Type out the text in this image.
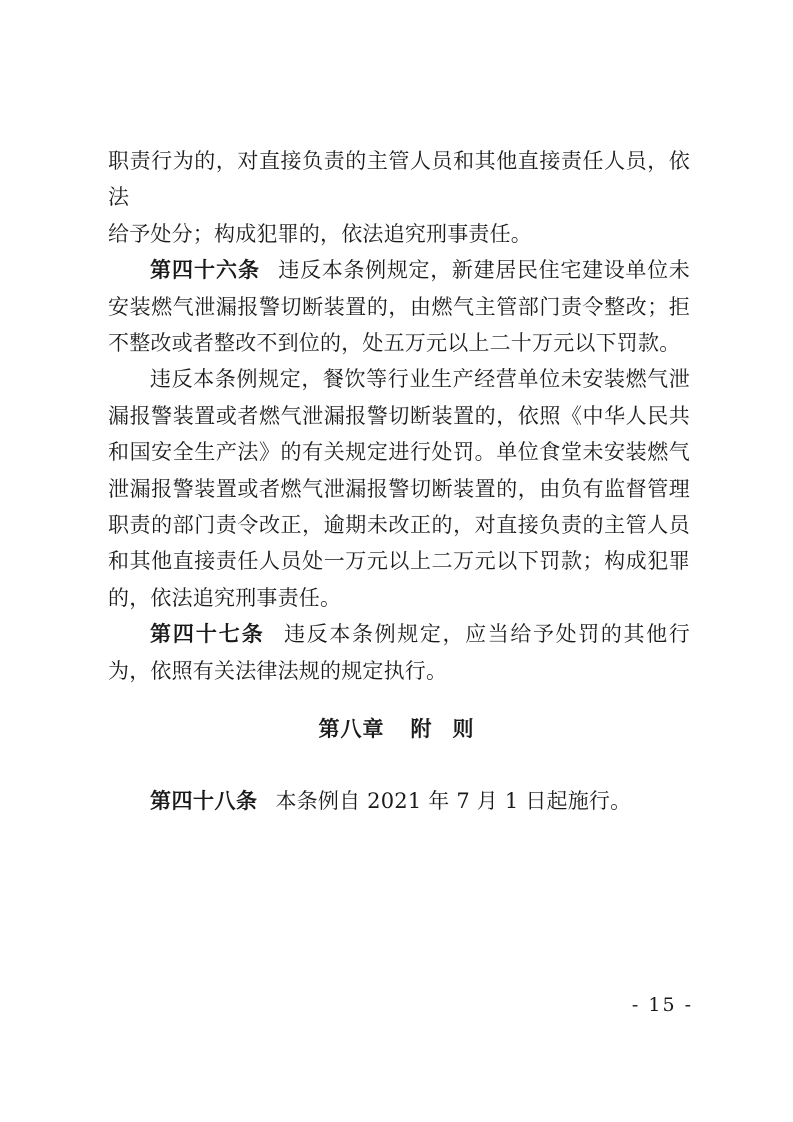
职责行为的，对直接负责的主管人员和其他直接责任人员，依法
给予处分；构成犯罪的，依法追究刑事责任。

第四十六条 违反本条例规定，新建居民住宅建设单位未安装燃气泄漏报警切断装置的，由燃气主管部门责令整改；拒不整改或者整改不到位的，处五万元以上二十万元以下罚款。

违反本条例规定，餐饮等行业生产经营单位未安装燃气泄漏报警装置或者燃气泄漏报警切断装置的，依照《中华人民共和国安全生产法》的有关规定进行处罚。单位食堂未安装燃气泄漏报警装置或者燃气泄漏报警切断装置的，由负有监督管理职责的部门责令改正，逾期未改正的，对直接负责的主管人员和其他直接责任人员处一万元以上二万元以下罚款；构成犯罪的，依法追究刑事责任。

第四十七条 违反本条例规定，应当给予处罚的其他行为，依照有关法律法规的规定执行。

第八章 附 则

第四十八条 本条例自 2021 年 7 月 1 日起施行。

- 15 -
